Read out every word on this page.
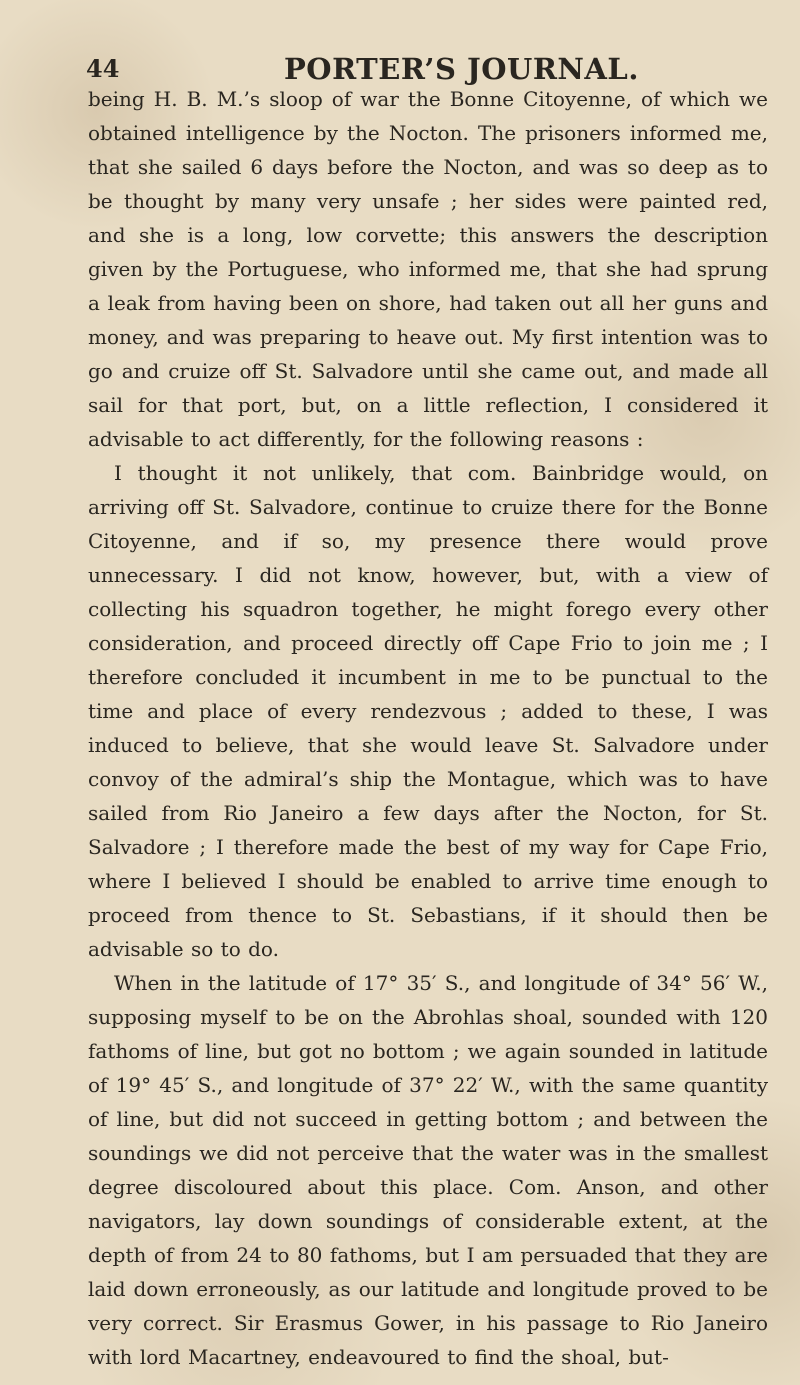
44	PORTER’S JOURNAL.

being H. B. M.’s sloop of war the Bonne Citoyenne, of which we obtained intelligence by the Nocton. The prisoners informed me, that she sailed 6 days before the Nocton, and was so deep as to be thought by many very unsafe ; her sides were painted red, and she is a long, low corvette; this answers the description given by the Portuguese, who informed me, that she had sprung a leak from having been on shore, had taken out all her guns and money, and was preparing to heave out. My first intention was to go and cruize off St. Salvadore until she came out, and made all sail for that port, but, on a little reflection, I considered it advisable to act differently, for the following reasons :

I thought it not unlikely, that com. Bainbridge would, on arriving off St. Salvadore, continue to cruize there for the Bonne Citoyenne, and if so, my presence there would prove unnecessary. I did not know, however, but, with a view of collecting his squadron together, he might forego every other consideration, and proceed directly off Cape Frio to join me ; I therefore concluded it incumbent in me to be punctual to the time and place of every rendezvous ; added to these, I was induced to believe, that she would leave St. Salvadore under convoy of the admiral’s ship the Montague, which was to have sailed from Rio Janeiro a few days after the Nocton, for St. Salvadore ; I therefore made the best of my way for Cape Frio, where I believed I should be enabled to arrive time enough to proceed from thence to St. Sebastians, if it should then be advisable so to do.

When in the latitude of 17° 35′ S., and longitude of 34° 56′ W., supposing myself to be on the Abrohlas shoal, sounded with 120 fathoms of line, but got no bottom ; we again sounded in latitude of 19° 45′ S., and longitude of 37° 22′ W., with the same quantity of line, but did not succeed in getting bottom ; and between the soundings we did not perceive that the water was in the smallest degree discoloured about this place. Com. Anson, and other navigators, lay down soundings of considerable extent, at the depth of from 24 to 80 fathoms, but I am persuaded that they are laid down erroneously, as our latitude and longitude proved to be very correct. Sir Erasmus Gower, in his passage to Rio Janeiro with lord Macartney, endeavoured to find the shoal, but-
